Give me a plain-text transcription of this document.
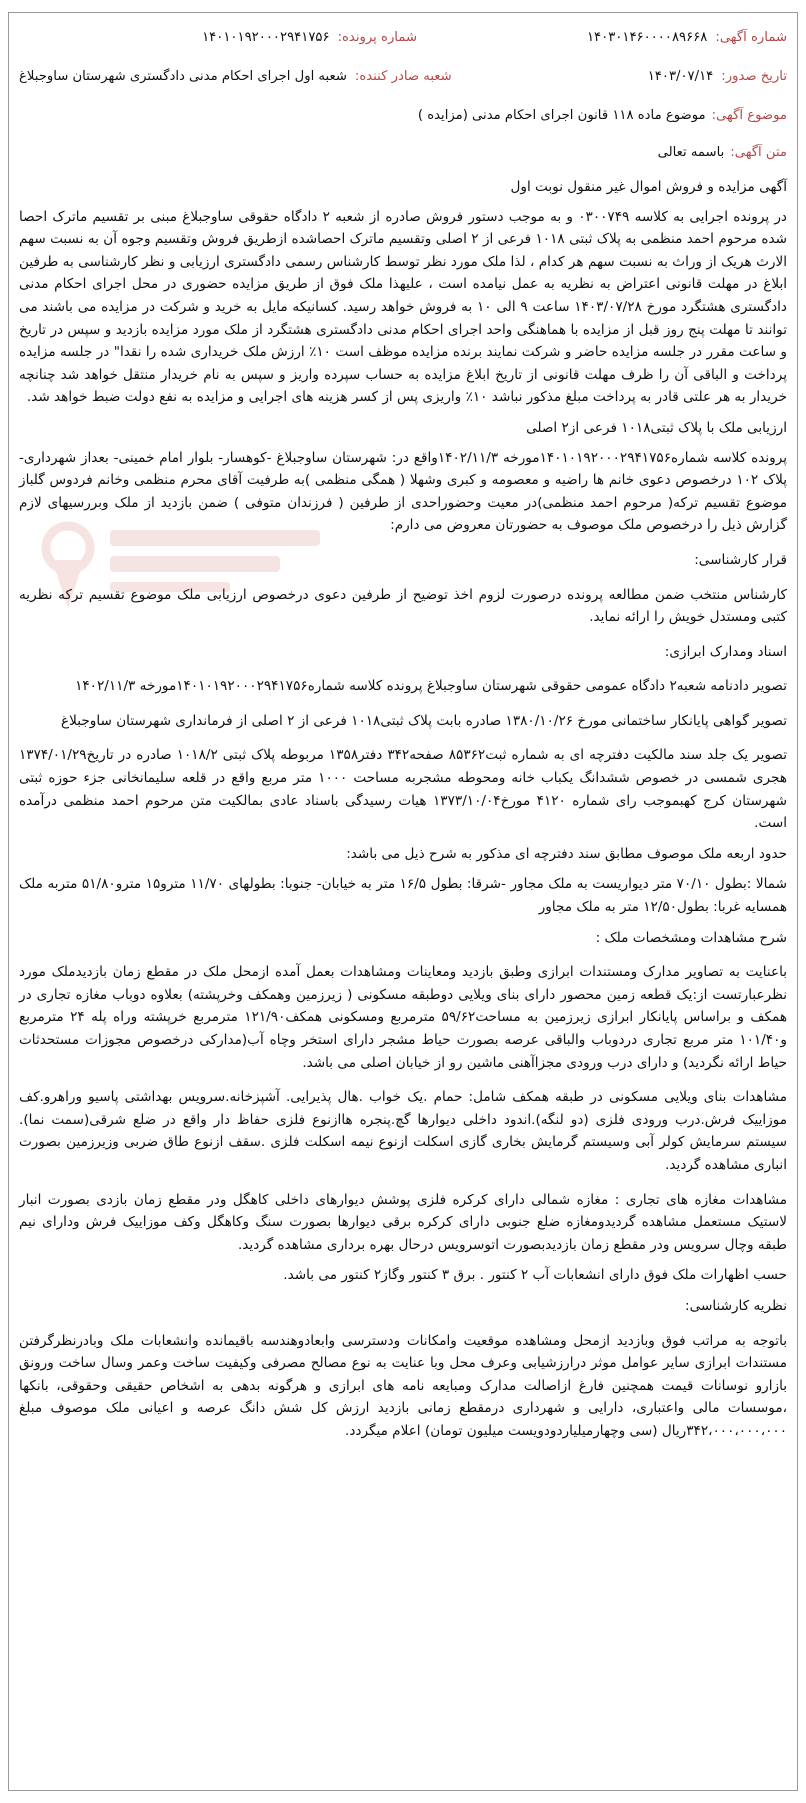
شماره آگهی:
۱۴۰۳۰۱۴۶۰۰۰۰۸۹۶۶۸
شماره پرونده:
۱۴۰۱۰۱۹۲۰۰۰۲۹۴۱۷۵۶
تاریخ صدور:
۱۴۰۳/۰۷/۱۴
شعبه صادر کننده:
شعبه اول اجرای احکام مدنی دادگستری شهرستان ساوجبلاغ
موضوع آگهی:موضوع ماده ۱۱۸ قانون اجرای احکام مدنی (مزایده )
متن آگهی:باسمه تعالی

آگهی مزایده و فروش اموال غیر منقول نوبت اول

در پرونده اجرایی به کلاسه ۰۳۰۰۷۴۹ و به موجب دستور فروش صادره از شعبه ۲ دادگاه حقوقی ساوجبلاغ مبنی بر تقسیم ماترک احصا شده مرحوم احمد منظمی به پلاک ثبتی ۱۰۱۸ فرعی از ۲ اصلی وتقسیم ماترک احصاشده ازطریق فروش وتقسیم وجوه آن به نسبت سهم الارث هریک از وراث به نسبت سهم هر کدام ، لذا ملک مورد نظر توسط کارشناس رسمی دادگستری ارزیابی و نظر کارشناسی به طرفین ابلاغ در مهلت قانونی اعتراض به نظریه به عمل نیامده است ، علیهذا ملک فوق از طریق مزایده حضوری در محل اجرای احکام مدنی دادگستری هشتگرد مورخ ۱۴۰۳/۰۷/۲۸ ساعت ۹ الی ۱۰ به فروش خواهد رسید. کسانیکه مایل به خرید و شرکت در مزایده می باشند می توانند تا مهلت پنج روز قبل از مزایده با هماهنگی واحد اجرای احکام مدنی دادگستری هشتگرد از ملک مورد مزایده بازدید و سپس در تاریخ و ساعت مقرر در جلسه مزایده حاضر و شرکت نمایند برنده مزایده موظف است ۱۰٪ ارزش ملک خریداری شده را نقدا" در جلسه مزایده پرداخت و الباقی آن را ظرف مهلت قانونی از تاریخ ابلاغ مزایده به حساب سپرده واریز و سپس به نام خریدار منتقل خواهد شد چنانچه خریدار به هر علتی قادر به پرداخت مبلغ مذکور نباشد ۱۰٪ واریزی پس از کسر هزینه های اجرایی و مزایده به نفع دولت ضبط خواهد شد.

ارزیابی ملک با پلاک ثبتی۱۰۱۸ فرعی از۲ اصلی

پرونده کلاسه شماره۱۴۰۱۰۱۹۲۰۰۰۲۹۴۱۷۵۶مورخه ۱۴۰۲/۱۱/۳واقع در: شهرستان ساوجبلاغ -کوهسار- بلوار امام خمینی- بعداز شهرداری- پلاک ۱۰۲ درخصوص دعوی خانم ها راضیه و معصومه و کبری وشهلا ( همگی منظمی )به طرفیت آقای محرم منظمی وخانم فردوس گلباز موضوع تقسیم ترکه( مرحوم احمد منظمی)در معیت وحضوراحدی از طرفین ( فرزندان متوفی ) ضمن بازدید از ملک وبررسیهای لازم گزارش ذیل را درخصوص ملک موصوف به حضورتان معروض می دارم:

قرار کارشناسی:

کارشناس منتخب ضمن مطالعه پرونده درصورت لزوم اخذ توضیح از طرفین دعوی درخصوص ارزیابی ملک موضوع تقسیم ترکه نظریه کتبی ومستدل خویش را ارائه نماید.

اسناد ومدارک ابرازی:

تصویر دادنامه شعبه۲ دادگاه عمومی حقوقی شهرستان ساوجبلاغ پرونده کلاسه شماره۱۴۰۱۰۱۹۲۰۰۰۲۹۴۱۷۵۶مورخه ۱۴۰۲/۱۱/۳

تصویر گواهی پایانکار ساختمانی مورخ ۱۳۸۰/۱۰/۲۶ صادره بابت پلاک ثبتی۱۰۱۸ فرعی از ۲ اصلی از فرمانداری شهرستان ساوجبلاغ

تصویر یک جلد سند مالکیت دفترچه ای به شماره ثبت۸۵۳۶۲ صفحه۳۴۲ دفتر۱۳۵۸ مربوطه پلاک ثبتی ۱۰۱۸/۲ صادره در تاریخ۱۳۷۴/۰۱/۲۹ هجری شمسی در خصوص ششدانگ یکباب خانه ومحوطه مشجربه مساحت ۱۰۰۰ متر مربع واقع در قلعه سلیمانخانی جزء حوزه ثبتی شهرستان کرج کهبموجب رای شماره ۴۱۲۰ مورخ۱۳۷۳/۱۰/۰۴ هیات رسیدگی باسناد عادی بمالکیت متن مرحوم احمد منظمی درآمده است.

حدود اربعه ملک موصوف مطابق سند دفترچه ای مذکور به شرح ذیل می باشد:

شمالا :بطول ۷۰/۱۰ متر دیواریست به ملک مجاور -شرقا: بطول ۱۶/۵ متر به خیابان- جنوبا: بطولهای ۱۱/۷۰ مترو۱۵ مترو۵۱/۸۰ متربه ملک همسایه غربا: بطول۱۲/۵۰ متر به ملک مجاور

شرح مشاهدات ومشخصات ملک :

باعنایت به تصاویر مدارک ومستندات ابرازی وطبق بازدید ومعاینات ومشاهدات بعمل آمده ازمحل ملک در مقطع زمان بازدیدملک مورد نظرعبارتست از:یک قطعه زمین محصور دارای بنای ویلایی دوطبقه مسکونی ( زیرزمین وهمکف وخرپشته) بعلاوه دوباب مغازه تجاری در همکف و براساس پایانکار ابرازی زیرزمین به مساحت۵۹/۶۲ مترمربع ومسکونی همکف۱۲۱/۹۰ مترمربع خرپشته وراه پله ۲۴ مترمربع و۱۰۱/۴۰ متر مربع تجاری دردوباب والباقی عرصه بصورت حیاط مشجر دارای استخر وچاه آب(مدارکی درخصوص مجوزات مستحدثات حیاط ارائه نگردید) و دارای درب ورودی مجزاآهنی ماشین رو از خیابان اصلی می باشد.

مشاهدات بنای ویلایی مسکونی در طبقه همکف شامل: حمام .یک خواب .هال پذیرایی. آشپزخانه.سرویس بهداشتی پاسیو وراهرو.کف موزاییک فرش.درب ورودی فلزی (دو لنگه).اندود داخلی دیوارها گچ.پنجره هاازنوع فلزی حفاظ دار واقع در ضلع شرقی(سمت نما). سیستم سرمایش کولر آبی وسیستم گرمایش بخاری گازی اسکلت ازنوع نیمه اسکلت فلزی .سقف ازنوع طاق ضربی وزیرزمین بصورت انباری مشاهده گردید.

مشاهدات مغازه های تجاری : مغازه شمالی دارای کرکره فلزی پوشش دیوارهای داخلی کاهگل ودر مقطع زمان بازدی بصورت انبار لاستیک مستعمل مشاهده گردیدومغازه ضلع جنوبی دارای کرکره برقی دیوارها بصورت سنگ وکاهگل وکف موزاییک فرش ودارای نیم طبقه وچال سرویس ودر مقطع زمان بازدیدبصورت اتوسرویس درحال بهره برداری مشاهده گردید.

حسب اظهارات ملک فوق دارای انشعابات آب ۲ کنتور . برق ۳ کنتور وگاز۲ کنتور می باشد.

نظریه کارشناسی:

باتوجه به مراتب فوق وبازدید ازمحل ومشاهده موقعیت وامکانات ودسترسی وابعادوهندسه باقیمانده وانشعابات ملک وبادرنظرگرفتن مستندات ابرازی سایر عوامل موثر درارزشیابی وعرف محل وبا عنایت به نوع مصالح مصرفی وکیفیت ساخت وعمر وسال ساخت ورونق بازارو نوسانات قیمت همچنین فارغ ازاصالت مدارک ومبایعه نامه های ابرازی و هرگونه بدهی به اشخاص حقیقی وحقوقی، بانکها ،موسسات مالی واعتباری، دارایی و شهرداری درمقطع زمانی بازدید ارزش کل شش دانگ عرصه و اعیانی ملک موصوف مبلغ ۳۴۲،۰۰۰،۰۰۰،۰۰۰ریال (سی وچهارمیلیاردودویست میلیون تومان) اعلام میگردد.
